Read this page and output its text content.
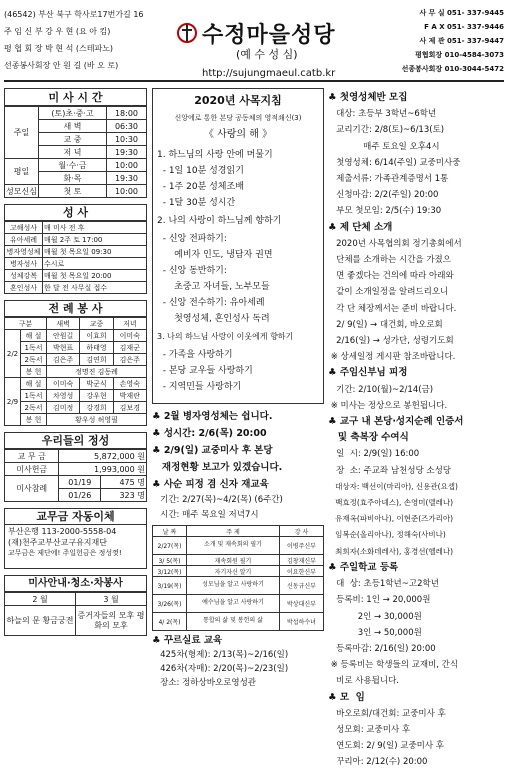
(46542) 부산 북구 학사로17번가길 16
주 임 신 부 강 우 현 (요 아 킴)
평 협 회 장 박 현 석 (스테파노)
선종봉사회장 안 원 길 (바 오 로)
수정마을성당
(예 수 성 심)
http://sujungmaeul.catb.kr
사 무 실 051- 337-9445
F A X 051- 337-9446
사 제 관 051- 337-9447
평협회장 010-4584-3073
선종봉사회장 010-3044-5472
미 사 시 간
주일	(토)초·중·고	18:00
	새 벽	06:30
	교 중	10:30
	저 녁	19:30
평일	월·수·금	10:00
	화·목	19:30
성모신심	첫 토	10:00
성 사
고해성사	매 미사 전 후
유아세례	매월 2주 토 17:00
병자영성체	매월 첫 목요일 09:30
병자성사	수시로
성체강복	매월 첫 목요일 20:00
혼인성사	한 달 전 사무실 접수
전 례 봉 사
구분		새벽	교중	저녁
2/2	해 설	안원길	이효희	이미숙
	1독서	박현표	하태영	김재군
	2독서	김은주	김연희	김은주
	봉 헌	정명진 김동례		
2/9	해 설	이미숙	박군식	손영숙
	1독서	차영성	강우현	박재란
	2독서	김미정	강경희	김보경
	봉 헌	황우성 허영필		
우리들의 정성
교 무 금	5,872,000 원	
미사헌금	1,993,000 원	
미사참례	01/19	475 명
	01/26	323 명
교무금 자동이체
부산은행 113-2000-5558-04
(재)천주교부산교구유지재단
교무금은 제단에! 주일헌금은 정성껏!
미사안내·청소·차봉사
2 월	3 월
하늘의 문 황금궁전	증거자들의 모후 평화의 모후
2020년 사목지침
신앙에로 통한 본당 공동체의 영적쇄신(3)
《 사랑의 해 》
1. 하느님의 사랑 안에 머물기
- 1일 10분 성경읽기
- 1주 20분 성체조배
- 1달 30분 성시간
2. 나의 사랑이 하느님께 향하기
- 신앙 전파하기:
예비자 인도, 냉담자 권면
- 신앙 동반하기:
초중고 자녀들, 노부모들
- 신앙 전수하기: 유아세례
첫영성체, 혼인성사 독려
3. 나의 하느님 사랑이 이웃에게 향하기
- 가족을 사랑하기
- 본당 교우들 사랑하기
- 지역민들 사랑하기
♣ 2월 병자영성체는 쉽니다.
♣ 성시간: 2/6(목) 20:00
♣ 2/9(일) 교중미사 후 본당
재정현황 보고가 있겠습니다.
♣ 사순 피정 겸 신자 재교육
기간: 2/27(목)~4/2(목) (6주간)
시간: 매주 목요일 저녁7시
날 짜	주 제	강 사
2/27(목)	소개 및 재속회의 필기	이병주신부
3/ 5(목)	재속회원 필기	김창재신부
3/12(목)	자기자신 알기	이요한신부
3/19(목)	성모님을 알고 사랑하기	신동규신부
3/26(목)	예수님을 알고 사랑하기	박상대신부
4/ 2(목)	통합의 삶 및 봉헌의 삶	박섭하수녀
♣ 꾸르실료 교육
425차(형제): 2/13(목)~2/16(일)
426차(자매): 2/20(목)~2/23(일)
장소: 정하상바오로영성관
♣ 첫영성체반 모집
대상: 초등부 3학년~6학년
교리기간: 2/8(토)~6/13(토)
매주 토요일 오후4시
첫영성체: 6/14(주일) 교중미사중
제출서류: 가족관계증명서 1통
신청마감: 2/2(주일) 20:00
부모 첫모임: 2/5(수) 19:30
♣ 제 단체 소개
2020년 사목협의회 정기총회에서
단체를 소개하는 시간을 가졌으
면 좋겠다는 건의에 따라 아래와
같이 소개일정을 알려드리오니
각 단 체장께서는 준비 바랍니다.
2/ 9(일) → 대건회, 바오로회
2/16(일) → 성가단, 성령기도회
※ 상세일정 게시판 참조바랍니다.
♣ 주임신부님 피정
기간: 2/10(월)~2/14(금)
※ 미사는 정상으로 봉헌됩니다.
♣ 교구 내 본당·성지순례 인증서
및 축복장 수여식
일  시: 2/9(일) 16:00
장  소: 주교좌 남천성당 소성당
대상자: 백선이(마리아), 신용관(요셉)
백효정(효주아녜스), 손영미(델레나)
유재옥(파비아나), 이현준(즈가리아)
임복순(올리아나), 정해숙(사비나)
최희자(소화데레사), 홍경선(헬레나)
♣ 주일학교 등록
대  상: 초등1학년~고2학년
등록비: 1인 → 20,000원
2인 → 30,000원
3인 → 50,000원
등록마감: 2/16(일) 20:00
※ 등록비는 학생들의 교재비, 간식
비로 사용됩니다.
♣ 모  임
바오로회/대건회: 교중미사 후
성모회: 교중미사 후
연도회: 2/ 9(일) 교중미사 후
꾸리아: 2/12(수) 20:00
